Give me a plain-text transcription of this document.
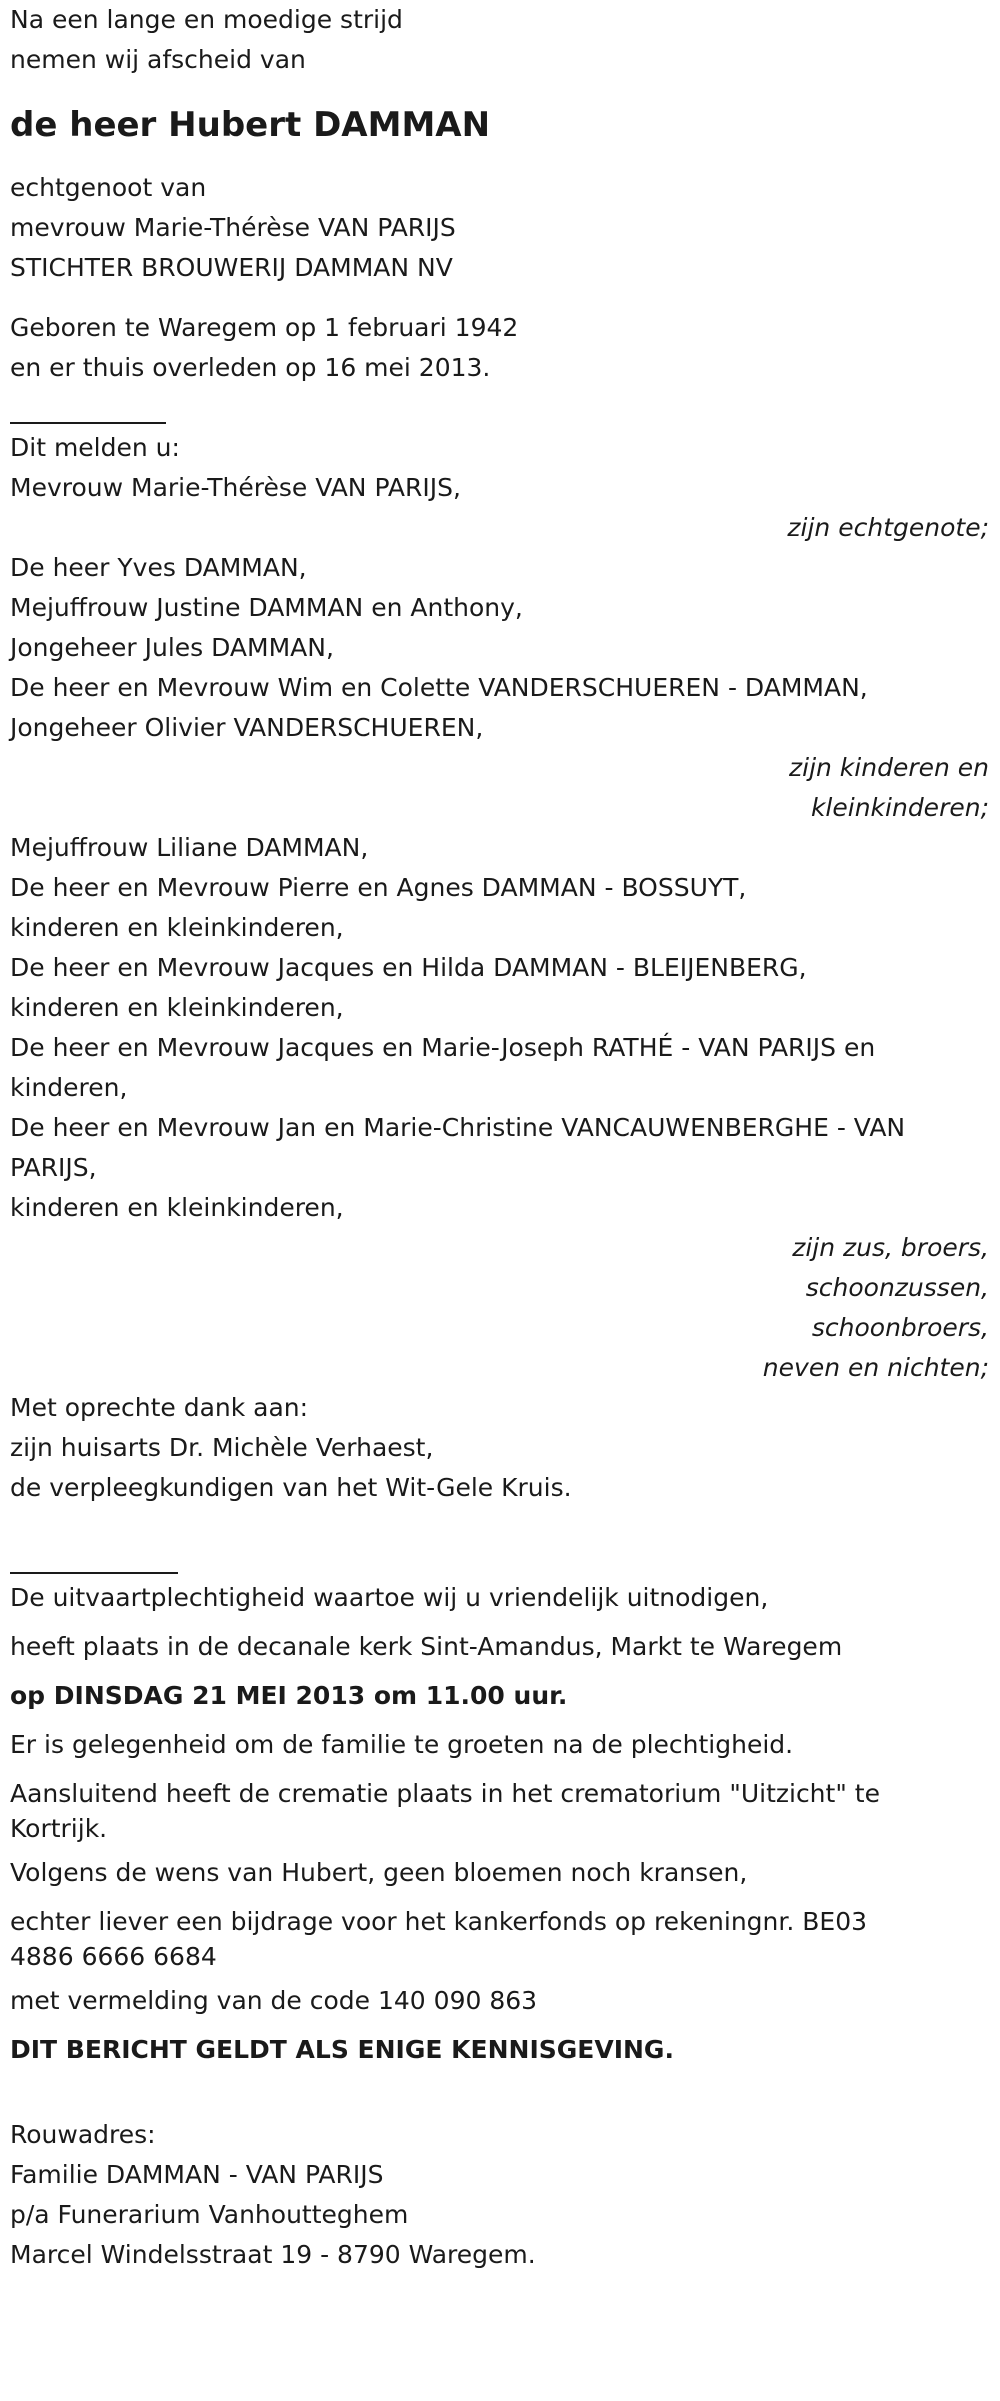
Na een lange en moedige strijd
nemen wij afscheid van
de heer Hubert DAMMAN
echtgenoot van
mevrouw Marie-Thérèse VAN PARIJS
STICHTER BROUWERIJ DAMMAN NV
Geboren te Waregem op 1 februari 1942
en er thuis overleden op 16 mei 2013.
Dit melden u:
Mevrouw Marie-Thérèse VAN PARIJS,
zijn echtgenote;
De heer Yves DAMMAN,
Mejuffrouw Justine DAMMAN en Anthony,
Jongeheer Jules DAMMAN,
De heer en Mevrouw Wim en Colette VANDERSCHUEREN - DAMMAN,
Jongeheer Olivier VANDERSCHUEREN,
zijn kinderen en
kleinkinderen;
Mejuffrouw Liliane DAMMAN,
De heer en Mevrouw Pierre en Agnes DAMMAN - BOSSUYT,
kinderen en kleinkinderen,
De heer en Mevrouw Jacques en Hilda DAMMAN - BLEIJENBERG,
kinderen en kleinkinderen,
De heer en Mevrouw Jacques en Marie-Joseph RATHÉ - VAN PARIJS en
kinderen,
De heer en Mevrouw Jan en Marie-Christine VANCAUWENBERGHE - VAN
PARIJS,
kinderen en kleinkinderen,
zijn zus, broers,
schoonzussen,
schoonbroers,
neven en nichten;
Met oprechte dank aan:
zijn huisarts Dr. Michèle Verhaest,
de verpleegkundigen van het Wit-Gele Kruis.
De uitvaartplechtigheid waartoe wij u vriendelijk uitnodigen,
heeft plaats in de decanale kerk Sint-Amandus, Markt te Waregem
op DINSDAG 21 MEI 2013 om 11.00 uur.
Er is gelegenheid om de familie te groeten na de plechtigheid.
Aansluitend heeft de crematie plaats in het crematorium "Uitzicht" te
Kortrijk.
Volgens de wens van Hubert, geen bloemen noch kransen,
echter liever een bijdrage voor het kankerfonds op rekeningnr. BE03
4886 6666 6684
met vermelding van de code 140 090 863
DIT BERICHT GELDT ALS ENIGE KENNISGEVING.
Rouwadres:
Familie DAMMAN - VAN PARIJS
p/a Funerarium Vanhoutteghem
Marcel Windelsstraat 19 - 8790 Waregem.
